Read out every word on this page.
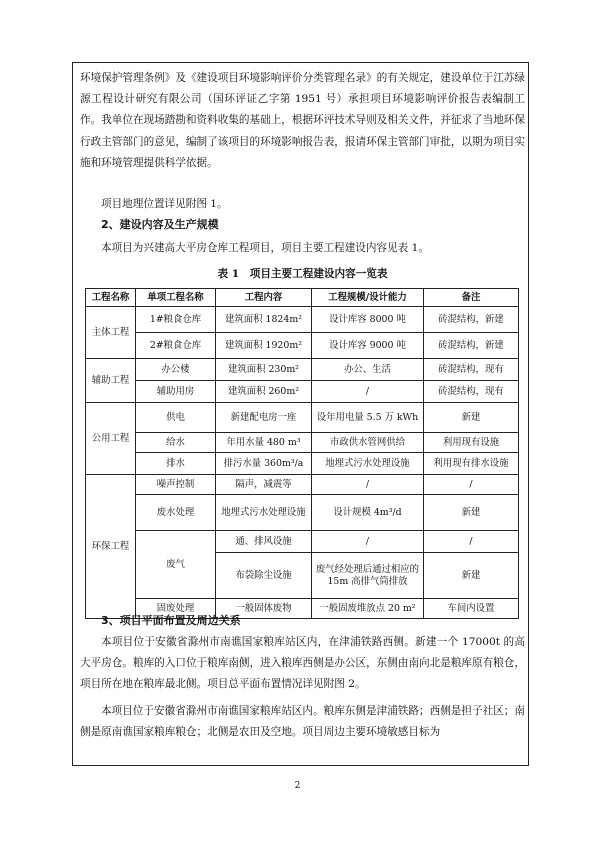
环境保护管理条例》及《建设项目环境影响评价分类管理名录》的有关规定，建设单位于江苏绿源工程设计研究有限公司（国环评证乙字第 1951 号）承担项目环境影响评价报告表编制工作。我单位在现场踏勘和资料收集的基础上，根据环评技术导则及相关文件，并征求了当地环保行政主管部门的意见，编制了该项目的环境影响报告表，报请环保主管部门审批，以期为项目实施和环境管理提供科学依据。

项目地理位置详见附图 1。

2、建设内容及生产规模

本项目为兴建高大平房仓库工程项目，项目主要工程建设内容见表 1。

表 1　项目主要工程建设内容一览表

工程名称	单项工程名称	工程内容	工程规模/设计能力	备注
主体工程	1#粮食仓库	建筑面积 1824m²	设计库容 8000 吨	砖混结构，新建
	2#粮食仓库	建筑面积 1920m²	设计库容 9000 吨	砖混结构，新建
辅助工程	办公楼	建筑面积 230m²	办公、生活	砖混结构，现有
	辅助用房	建筑面积 260m²	/	砖混结构，现有
公用工程	供电	新建配电房一座	设年用电量 5.5 万 kWh	新建
	给水	年用水量 480 m³	市政供水管网供给	利用现有设施
	排水	排污水量 360m³/a	地埋式污水处理设施	利用现有排水设施
环保工程	噪声控制	隔声，减震等	/	/
	废水处理	地埋式污水处理设施	设计规模 4m³/d	新建
	废气	通、排风设施	/	/
		布袋除尘设施	废气经处理后通过相应的 15m 高排气筒排放	新建
	固废处理	一般固体废物	一般固废堆放点 20 m²	车间内设置

3、项目平面布置及周边关系

本项目位于安徽省滁州市南谯国家粮库站区内，在津浦铁路西侧。新建一个 17000t 的高大平房仓。粮库的入口位于粮库南侧，进入粮库西侧是办公区，东侧由南向北是粮库原有粮仓，项目所在地在粮库最北侧。项目总平面布置情况详见附图 2。

本项目位于安徽省滁州市南谯国家粮库站区内。粮库东侧是津浦铁路；西侧是担子社区；南侧是原南谯国家粮库粮仓；北侧是农田及空地。项目周边主要环境敏感目标为

2
